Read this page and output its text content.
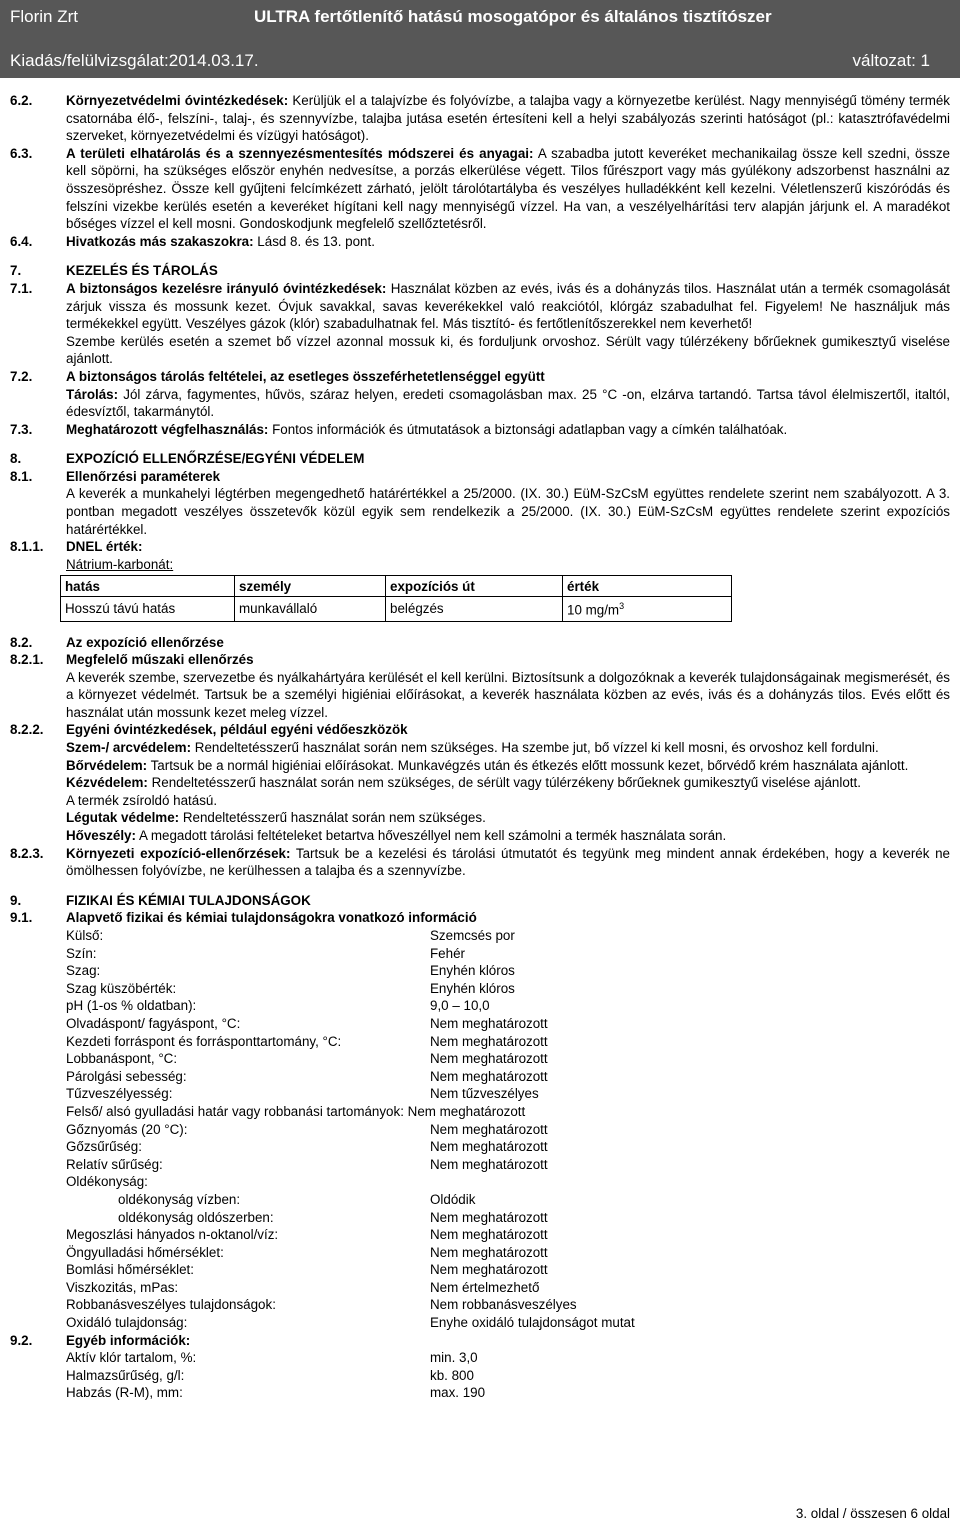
Florin Zrt	ULTRA fertőtlenítő hatású mosogatópor és általános tisztítószer
Kiadás/felülvizsgálat:2014.03.17.	változat: 1
6.2.	Környezetvédelmi óvintézkedések: Kerüljük el a talajvízbe és folyóvízbe, a talajba vagy a környezetbe kerülést. Nagy mennyiségű tömény termék csatornába élő-, felszíni-, talaj-, és szennyvízbe, talajba jutása esetén értesíteni kell a helyi szabályozás szerinti hatóságot (pl.: katasztrófavédelmi szerveket, környezetvédelmi és vízügyi hatóságot).
6.3.	A területi elhatárolás és a szennyezésmentesítés módszerei és anyagai: A szabadba jutott keveréket mechanikailag össze kell szedni, össze kell söpörni, ha szükséges először enyhén nedvesítse, a porzás elkerülése végett. Tilos fűrészport vagy más gyúlékony adszorbenst használni az összesöpréshez. Össze kell gyűjteni felcímkézett zárható, jelölt tárolótartályba és veszélyes hulladékként kell kezelni. Véletlenszerű kiszóródás és felszíni vizekbe kerülés esetén a keveréket hígítani kell nagy mennyiségű vízzel. Ha van, a veszélyelhárítási terv alapján járjunk el. A maradékot bőséges vízzel el kell mosni. Gondoskodjunk megfelelő szellőztetésről.
6.4.	Hivatkozás más szakaszokra: Lásd 8. és 13. pont.
7.	KEZELÉS ÉS TÁROLÁS
7.1.	A biztonságos kezelésre irányuló óvintézkedések: Használat közben az evés, ivás és a dohányzás tilos. Használat után a termék csomagolását zárjuk vissza és mossunk kezet. Óvjuk savakkal, savas keverékekkel való reakciótól, klórgáz szabadulhat fel. Figyelem! Ne használjuk más termékekkel együtt. Veszélyes gázok (klór) szabadulhatnak fel. Más tisztító- és fertőtlenítőszerekkel nem keverhető!
Szembe kerülés esetén a szemet bő vízzel azonnal mossuk ki, és forduljunk orvoshoz. Sérült vagy túlérzékeny bőrűeknek gumikesztyű viselése ajánlott.
7.2.	A biztonságos tárolás feltételei, az esetleges összeférhetetlenséggel együtt
Tárolás: Jól zárva, fagymentes, hűvös, száraz helyen, eredeti csomagolásban max. 25 °C -on, elzárva tartandó. Tartsa távol élelmiszertől, italtól, édesvíztől, takarmánytól.
7.3.	Meghatározott végfelhasználás: Fontos információk és útmutatások a biztonsági adatlapban vagy a címkén találhatóak.
8.	EXPOZÍCIÓ ELLENŐRZÉSE/EGYÉNI VÉDELEM
8.1.	Ellenőrzési paraméterek
A keverék a munkahelyi légtérben megengedhető határértékkel a 25/2000. (IX. 30.) EüM-SzCsM együttes rendelete szerint nem szabályozott. A 3. pontban megadott veszélyes összetevők közül egyik sem rendelkezik a 25/2000. (IX. 30.) EüM-SzCsM együttes rendelete szerint expozíciós határértékkel.
8.1.1.	DNEL érték:
Nátrium-karbonát:
hatás	személy	expozíciós út	érték
Hosszú távú hatás	munkavállaló	belégzés	10 $mg/m^3$
8.2.	Az expozíció ellenőrzése
8.2.1.	Megfelelő műszaki ellenőrzés
A keverék szembe, szervezetbe és nyálkahártyára kerülését el kell kerülni. Biztosítsunk a dolgozóknak a keverék tulajdonságainak megismerését, és a környezet védelmét. Tartsuk be a személyi higiéniai előírásokat, a keverék használata közben az evés, ivás és a dohányzás tilos. Evés előtt és használat után mossunk kezet meleg vízzel.
8.2.2.	Egyéni óvintézkedések, például egyéni védőeszközök
Szem-/ arcvédelem: Rendeltetésszerű használat során nem szükséges. Ha szembe jut, bő vízzel ki kell mosni, és orvoshoz kell fordulni.
Bőrvédelem: Tartsuk be a normál higiéniai előírásokat. Munkavégzés után és étkezés előtt mossunk kezet, bőrvédő krém használata ajánlott.
Kézvédelem: Rendeltetésszerű használat során nem szükséges, de sérült vagy túlérzékeny bőrűeknek gumikesztyű viselése ajánlott.
A termék zsíroldó hatású.
Légutak védelme: Rendeltetésszerű használat során nem szükséges.
Hőveszély: A megadott tárolási feltételeket betartva hőveszéllyel nem kell számolni a termék használata során.
8.2.3.	Környezeti expozíció-ellenőrzések: Tartsuk be a kezelési és tárolási útmutatót és tegyünk meg mindent annak érdekében, hogy a keverék ne ömölhessen folyóvízbe, ne kerülhessen a talajba és a szennyvízbe.
9.	FIZIKAI ÉS KÉMIAI TULAJDONSÁGOK
9.1.	Alapvető fizikai és kémiai tulajdonságokra vonatkozó információ
Külső:	Szemcsés por
Szín:	Fehér
Szag:	Enyhén klóros
Szag küszöbérték:	Enyhén klóros
pH (1-os % oldatban):	9,0 – 10,0
Olvadáspont/ fagyáspont, °C:	Nem meghatározott
Kezdeti forráspont és forrásponttartomány, °C:	Nem meghatározott
Lobbanáspont, °C:	Nem meghatározott
Párolgási sebesség:	Nem meghatározott
Tűzveszélyesség:	Nem tűzveszélyes
Felső/ alsó gyulladási határ vagy robbanási tartományok: Nem meghatározott
Gőznyomás (20 °C):	Nem meghatározott
Gőzsűrűség:	Nem meghatározott
Relatív sűrűség:	Nem meghatározott
Oldékonyság:
oldékonyság vízben:	Oldódik
oldékonyság oldószerben:	Nem meghatározott
Megoszlási hányados n-oktanol/víz:	Nem meghatározott
Öngyulladási hőmérséklet:	Nem meghatározott
Bomlási hőmérséklet:	Nem meghatározott
Viszkozitás, mPas:	Nem értelmezhető
Robbanásveszélyes tulajdonságok:	Nem robbanásveszélyes
Oxidáló tulajdonság:	Enyhe oxidáló tulajdonságot mutat
9.2.	Egyéb információk:
Aktív klór tartalom, %:	min. 3,0
Halmazsűrűség, g/l:	kb. 800
Habzás (R-M), mm:	max. 190
3. oldal / összesen 6 oldal
